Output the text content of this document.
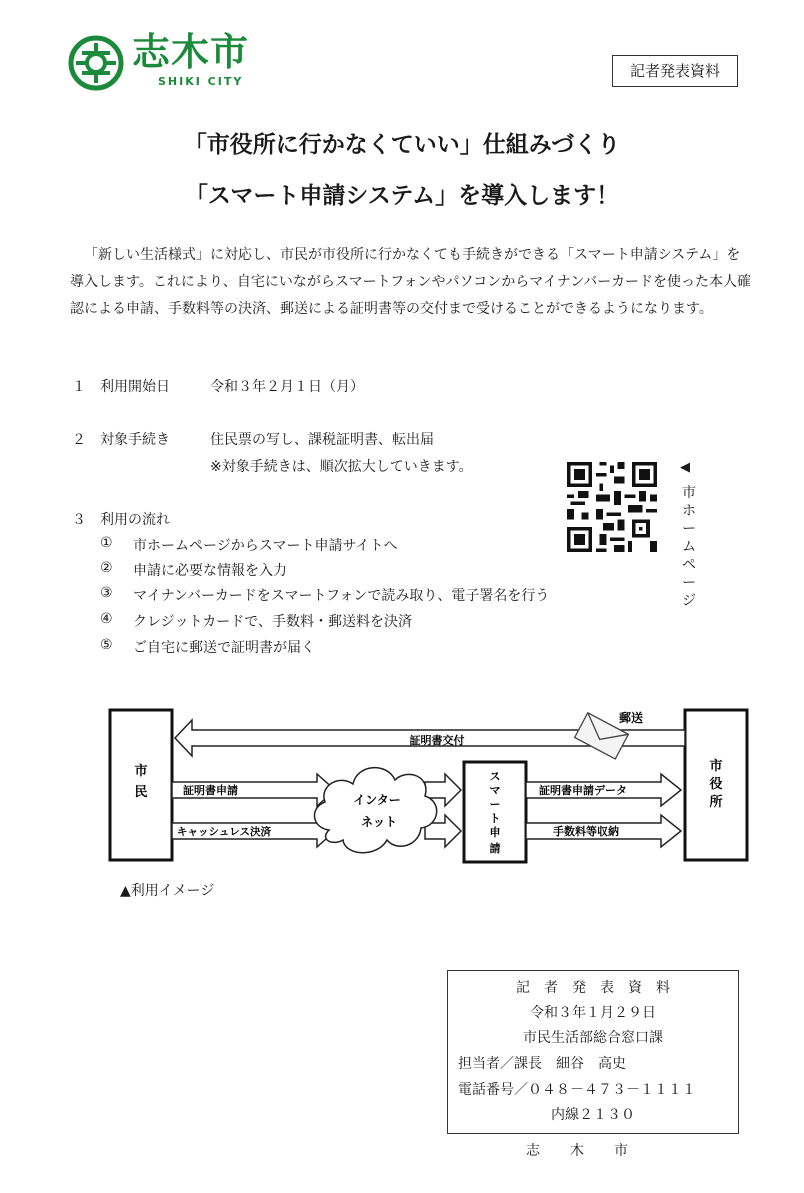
志木市
SHIKI CITY
記者発表資料
「市役所に行かなくていい」仕組みづくり
「スマート申請システム」を導入します！
「新しい生活様式」に対応し、市民が市役所に行かなくても手続きができる「スマート申請システム」を導入します。これにより、自宅にいながらスマートフォンやパソコンからマイナンバーカードを使った本人確認による申請、手数料等の決済、郵送による証明書等の交付まで受けることができるようになります。
１ 利用開始日	令和３年２月１日（月）
２ 対象手続き	住民票の写し、課税証明書、転出届
※対象手続きは、順次拡大していきます。	◀
市ホームページ
３ 利用の流れ
① 市ホームページからスマート申請サイトへ
② 申請に必要な情報を入力
③ マイナンバーカードをスマートフォンで読み取り、電子署名を行う
④ クレジットカードで、手数料・郵送料を決済
⑤ ご自宅に郵送で証明書が届く
市
民
市
役
所
証明書交付
郵送
証明書申請
キャッシュレス決済
インター
ネット
ス
マ
ー
ト
申
請
証明書申請データ
手数料等収納
▲利用イメージ
記　者　発　表　資　料
令和３年１月２９日
市民生活部総合窓口課
担当者／課長　細谷　高史
電話番号／０４８－４７３－１１１１
内線２１３０
志木市
